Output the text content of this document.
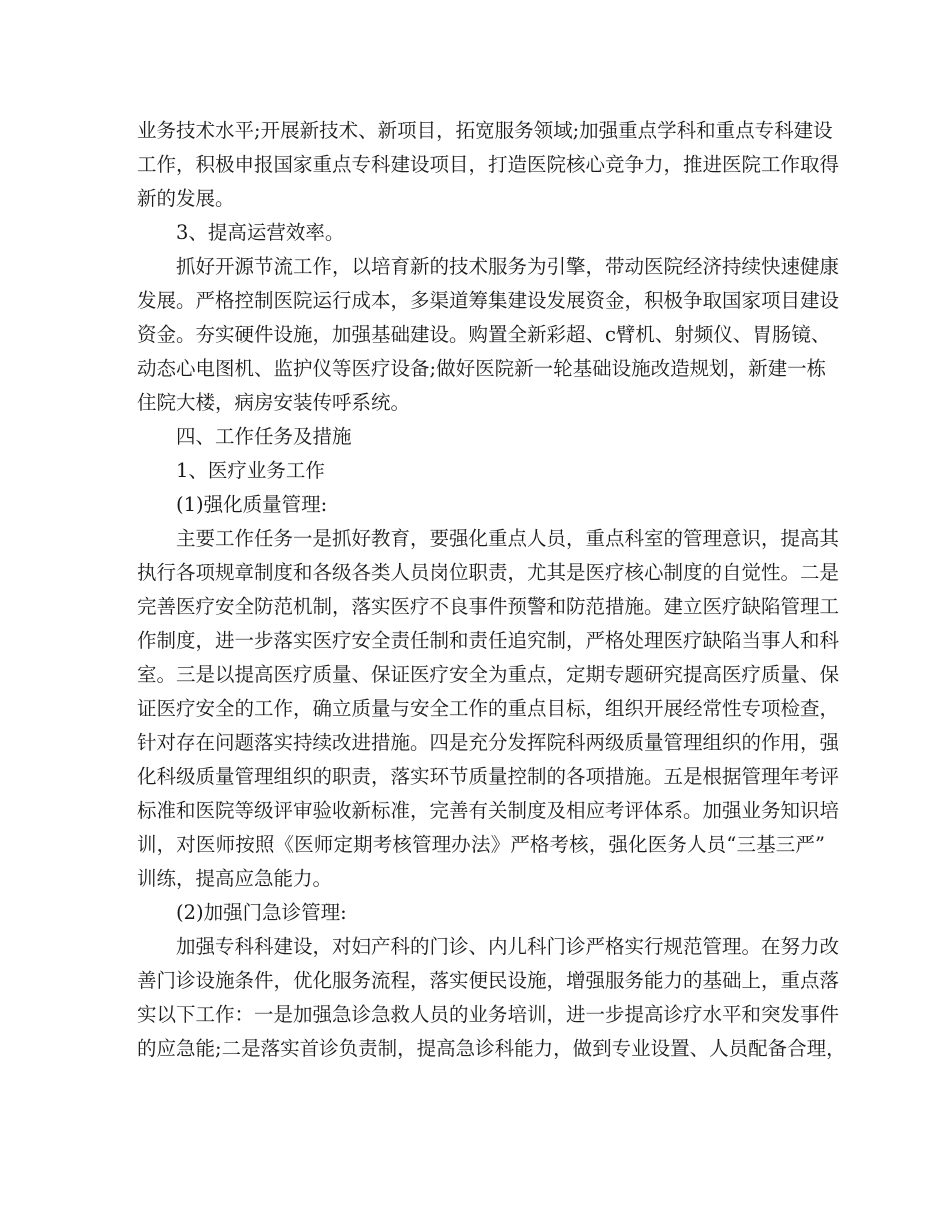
业务技术水平;开展新技术、新项目，拓宽服务领域;加强重点学科和重点专科建设
工作，积极申报国家重点专科建设项目，打造医院核心竞争力，推进医院工作取得
新的发展。
3、提高运营效率。
抓好开源节流工作，以培育新的技术服务为引擎，带动医院经济持续快速健康
发展。严格控制医院运行成本，多渠道筹集建设发展资金，积极争取国家项目建设
资金。夯实硬件设施，加强基础建设。购置全新彩超、c臂机、射频仪、胃肠镜、
动态心电图机、监护仪等医疗设备;做好医院新一轮基础设施改造规划，新建一栋
住院大楼，病房安装传呼系统。
四、工作任务及措施
1、医疗业务工作
(1)强化质量管理:
主要工作任务一是抓好教育，要强化重点人员，重点科室的管理意识，提高其
执行各项规章制度和各级各类人员岗位职责，尤其是医疗核心制度的自觉性。二是
完善医疗安全防范机制，落实医疗不良事件预警和防范措施。建立医疗缺陷管理工
作制度，进一步落实医疗安全责任制和责任追究制，严格处理医疗缺陷当事人和科
室。三是以提高医疗质量、保证医疗安全为重点，定期专题研究提高医疗质量、保
证医疗安全的工作，确立质量与安全工作的重点目标，组织开展经常性专项检查，
针对存在问题落实持续改进措施。四是充分发挥院科两级质量管理组织的作用，强
化科级质量管理组织的职责，落实环节质量控制的各项措施。五是根据管理年考评
标准和医院等级评审验收新标准，完善有关制度及相应考评体系。加强业务知识培
训，对医师按照《医师定期考核管理办法》严格考核，强化医务人员“三基三严”
训练，提高应急能力。
(2)加强门急诊管理:
加强专科科建设，对妇产科的门诊、内儿科门诊严格实行规范管理。在努力改
善门诊设施条件，优化服务流程，落实便民设施，增强服务能力的基础上，重点落
实以下工作：一是加强急诊急救人员的业务培训，进一步提高诊疗水平和突发事件
的应急能;二是落实首诊负责制，提高急诊科能力，做到专业设置、人员配备合理，
